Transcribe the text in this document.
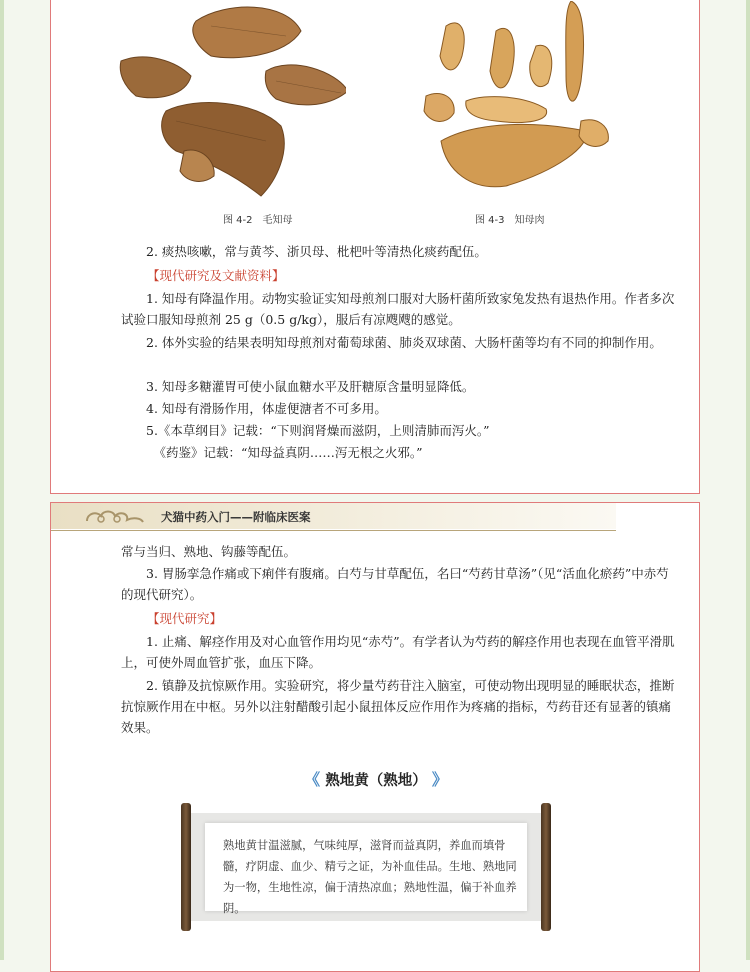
图 4-2　毛知母	图 4-3　知母肉
2. 痰热咳嗽，常与黄芩、浙贝母、枇杷叶等清热化痰药配伍。
【现代研究及文献资料】
1. 知母有降温作用。动物实验证实知母煎剂口服对大肠杆菌所致家兔发热有退热作用。作者多次试验口服知母煎剂 25 g（0.5 g/kg），服后有凉飕飕的感觉。
2. 体外实验的结果表明知母煎剂对葡萄球菌、肺炎双球菌、大肠杆菌等均有不同的抑制作用。
3. 知母多糖灌胃可使小鼠血糖水平及肝糖原含量明显降低。
4. 知母有滑肠作用，体虚便溏者不可多用。
5.《本草纲目》记载：“下则润肾燥而滋阴，上则清肺而泻火。”
《药鉴》记载：“知母益真阴……泻无根之火邪。”
犬猫中药入门——附临床医案
常与当归、熟地、钩藤等配伍。
3. 胃肠挛急作痛或下痢伴有腹痛。白芍与甘草配伍，名曰“芍药甘草汤”（见“活血化瘀药”中赤芍的现代研究）。
【现代研究】
1. 止痛、解痉作用及对心血管作用均见“赤芍”。有学者认为芍药的解痉作用也表现在血管平滑肌上，可使外周血管扩张，血压下降。
2. 镇静及抗惊厥作用。实验研究，将少量芍药苷注入脑室，可使动物出现明显的睡眠状态，推断抗惊厥作用在中枢。另外以注射醋酸引起小鼠扭体反应作用作为疼痛的指标，芍药苷还有显著的镇痛效果。
《 熟地黄（熟地） 》
熟地黄甘温滋腻，气味纯厚，滋肾而益真阴，养血而填骨髓，疗阴虚、血少、精亏之证，为补血佳品。生地、熟地同为一物，生地性凉，偏于清热凉血；熟地性温，偏于补血养阴。
